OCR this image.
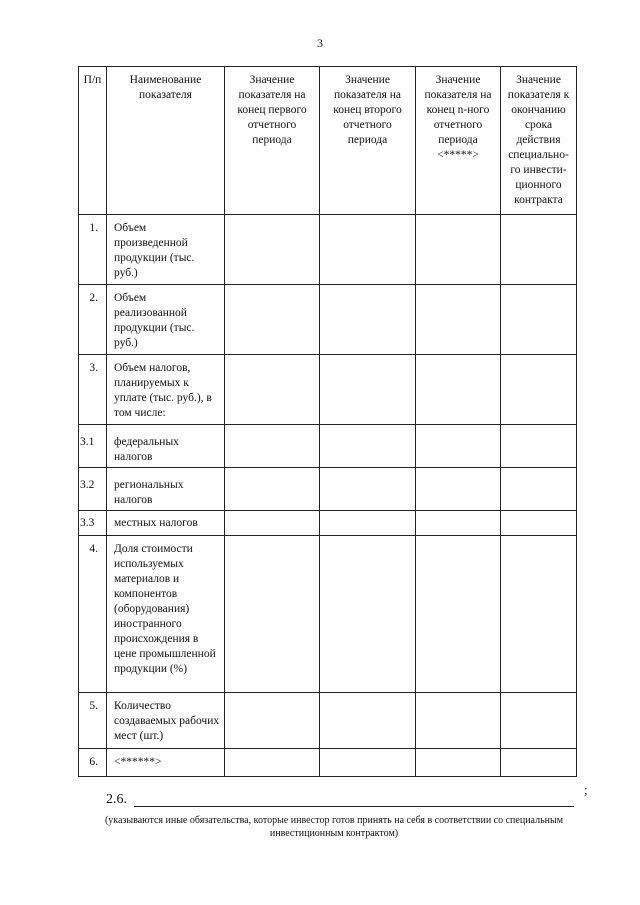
3
П/п	Наименование показателя	Значение показателя на конец первого отчетного периода	Значение показателя на конец второго отчетного периода	Значение показателя на конец n-ного отчетного периода <*****>	Значение показателя к окончанию срока действия специально-го инвести-ционного контракта
1.	Объем произведенной продукции (тыс. руб.)				
2.	Объем реализованной продукции (тыс. руб.)				
3.	Объем налогов, планируемых к уплате (тыс. руб.), в том числе:				
3.1	федеральных налогов				
3.2	региональных налогов				
3.3	местных налогов				
4.	Доля стоимости используемых материалов и компонентов (оборудования) иностранного происхождения в цене промышленной продукции (%)				
5.	Количество создаваемых рабочих мест (шт.)				
6.	<******>				
2.6.
;
(указываются иные обязательства, которые инвестор готов принять на себя в соответствии со специальным инвестиционным контрактом)
